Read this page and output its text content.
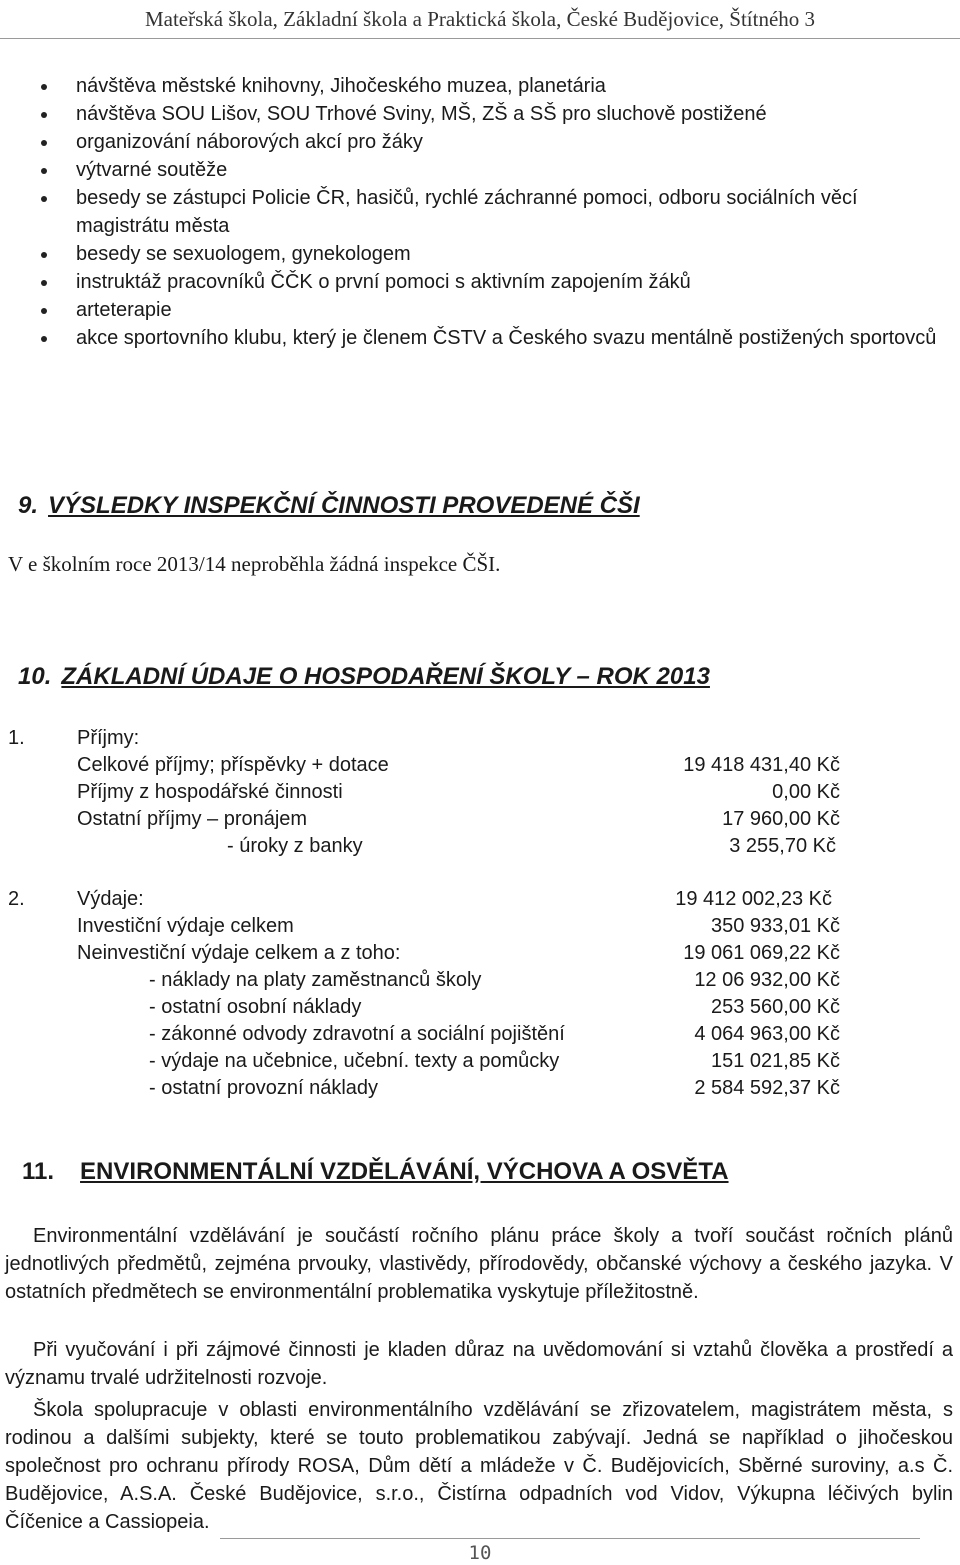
Mateřská škola, Základní škola a Praktická škola, České Budějovice, Štítného 3
návštěva městské knihovny, Jihočeského muzea, planetária
návštěva SOU Lišov, SOU Trhové Sviny, MŠ, ZŠ a SŠ pro sluchově postižené
organizování náborových akcí pro žáky
výtvarné soutěže
besedy se zástupci Policie ČR, hasičů, rychlé záchranné pomoci, odboru sociálních věcí magistrátu města
besedy se sexuologem, gynekologem
instruktáž pracovníků ČČK o první pomoci s aktivním zapojením žáků
arteterapie
akce sportovního klubu, který je členem ČSTV a Českého svazu mentálně postižených sportovců
9. VÝSLEDKY INSPEKČNÍ ČINNOSTI PROVEDENÉ ČŠI

V e školním roce 2013/14 neproběhla žádná inspekce ČŠI.

10. ZÁKLADNÍ ÚDAJE O HOSPODAŘENÍ ŠKOLY – ROK 2013
1.	Příjmy:
Celkové příjmy; příspěvky + dotace	19 418 431,40 Kč
Příjmy z hospodářské činnosti	0,00 Kč
Ostatní příjmy – pronájem	17 960,00 Kč
- úroky z banky	3 255,70 Kč
2.	Výdaje:	19 412 002,23 Kč
Investiční výdaje celkem	350 933,01 Kč
Neinvestiční výdaje celkem a z toho:	19 061 069,22 Kč
- náklady na platy zaměstnanců školy	12 06 932,00 Kč
- ostatní osobní náklady	253 560,00 Kč
- zákonné odvody zdravotní a sociální pojištění	4 064 963,00 Kč
- výdaje na učebnice, učební. texty a pomůcky	151 021,85 Kč
- ostatní provozní náklady	2 584 592,37 Kč
11. ENVIRONMENTÁLNÍ VZDĚLÁVÁNÍ, VÝCHOVA A OSVĚTA

Environmentální vzdělávání je součástí ročního plánu práce školy a tvoří součást ročních plánů jednotlivých předmětů, zejména prvouky, vlastivědy, přírodovědy, občanské výchovy a českého jazyka. V ostatních předmětech se environmentální problematika vyskytuje příležitostně.

Při vyučování i při zájmové činnosti je kladen důraz na uvědomování si vztahů člověka a prostředí a významu trvalé udržitelnosti rozvoje.

Škola spolupracuje v oblasti environmentálního vzdělávání se zřizovatelem, magistrátem města, s rodinou a dalšími subjekty, které se touto problematikou zabývají. Jedná se například o jihočeskou společnost pro ochranu přírody ROSA, Dům dětí a mládeže v Č. Budějovicích, Sběrné suroviny, a.s Č. Budějovice, A.S.A. České Budějovice, s.r.o., Čistírna odpadních vod Vidov, Výkupna léčivých bylin Číčenice a Cassiopeia.

10
